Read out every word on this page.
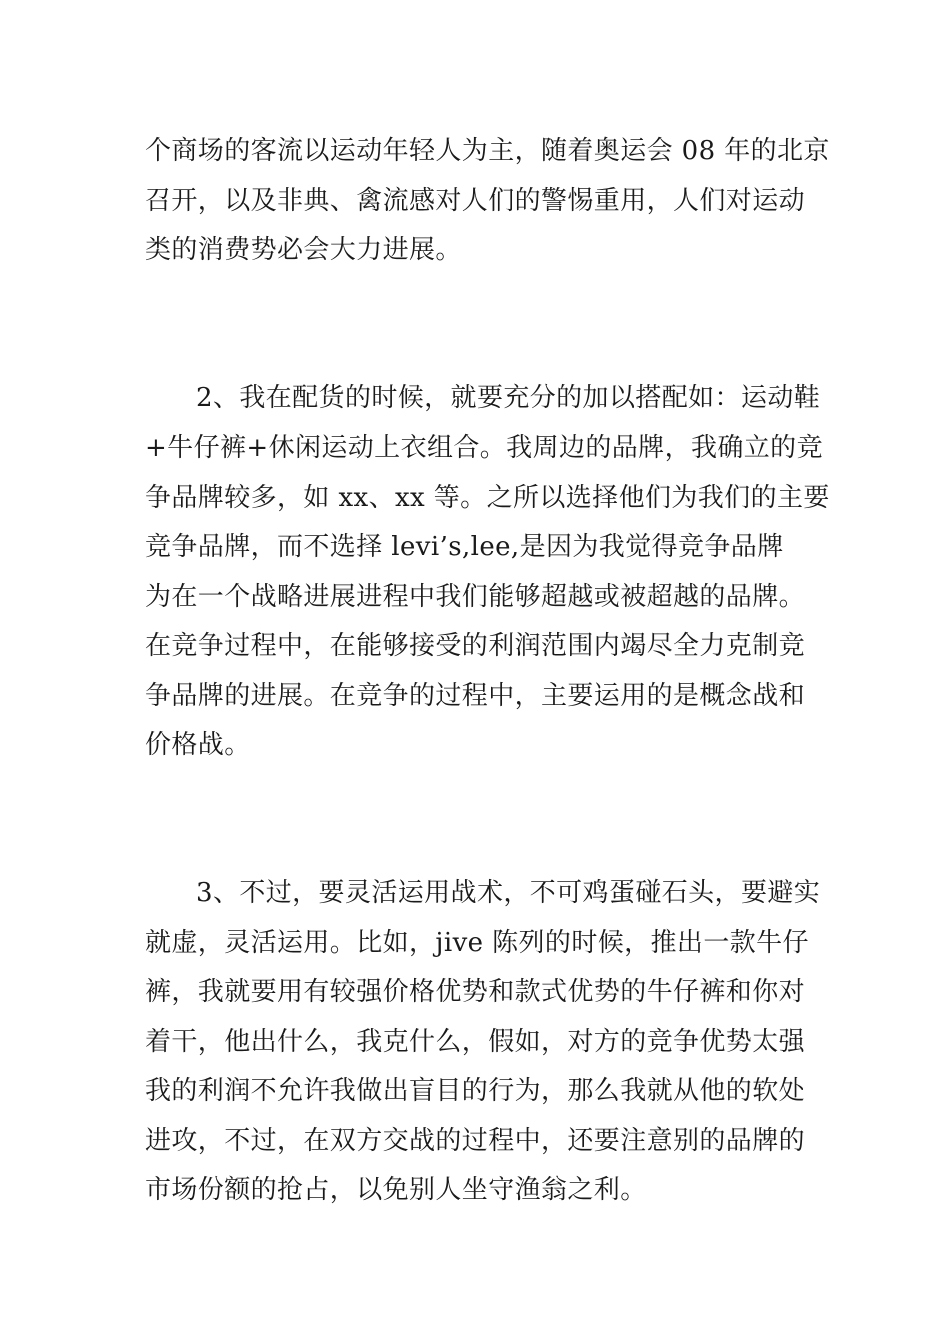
个商场的客流以运动年轻人为主，随着奥运会 08 年的北京
召开，以及非典、禽流感对人们的警惕重用，人们对运动
类的消费势必会大力进展。
2、我在配货的时候，就要充分的加以搭配如：运动鞋
+牛仔裤+休闲运动上衣组合。我周边的品牌，我确立的竞
争品牌较多，如 xx、xx 等。之所以选择他们为我们的主要
竞争品牌，而不选择 levi’s,lee,是因为我觉得竞争品牌
为在一个战略进展进程中我们能够超越或被超越的品牌。
在竞争过程中，在能够接受的利润范围内竭尽全力克制竞
争品牌的进展。在竞争的过程中，主要运用的是概念战和
价格战。
3、不过，要灵活运用战术，不可鸡蛋碰石头，要避实
就虚，灵活运用。比如，jive 陈列的时候，推出一款牛仔
裤，我就要用有较强价格优势和款式优势的牛仔裤和你对
着干，他出什么，我克什么，假如，对方的竞争优势太强
我的利润不允许我做出盲目的行为，那么我就从他的软处
进攻，不过，在双方交战的过程中，还要注意别的品牌的
市场份额的抢占，以免别人坐守渔翁之利。
